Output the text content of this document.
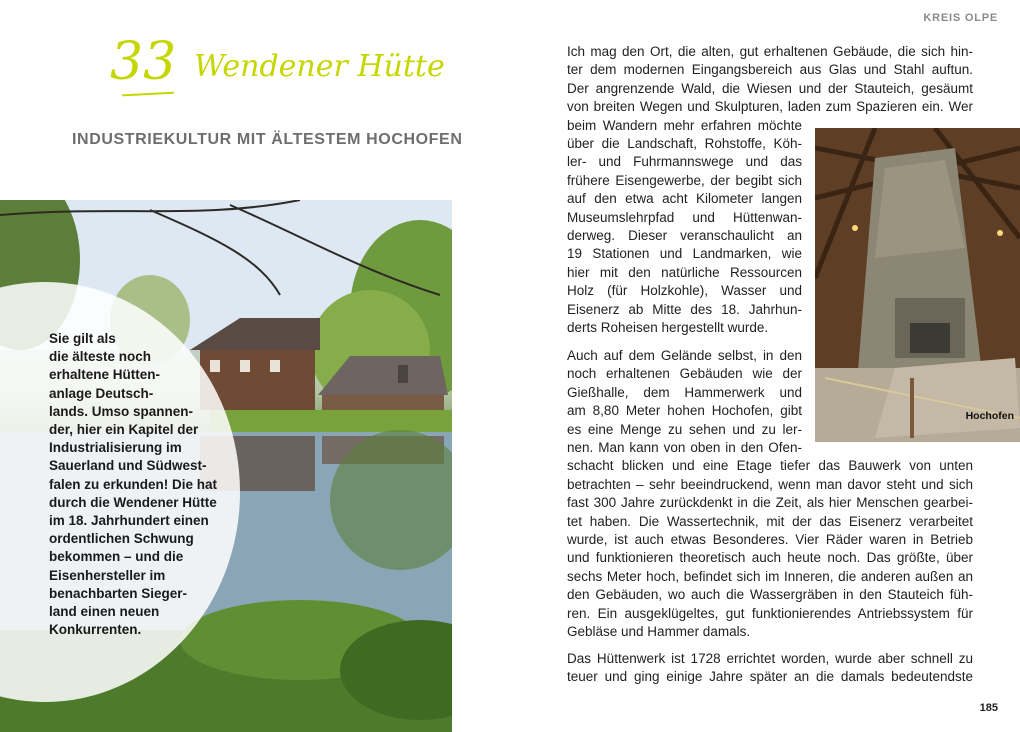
KREIS OLPE
33 Wendener Hütte
INDUSTRIEKULTUR MIT ÄLTESTEM HOCHOFEN
Sie gilt als
die älteste noch
erhaltene Hütten-
anlage Deutsch-
lands. Umso spannen-
der, hier ein Kapitel der
Industrialisierung im
Sauerland und Südwest-
falen zu erkunden! Die hat
durch die Wendener Hütte
im 18. Jahrhundert einen
ordentlichen Schwung
bekommen – und die
Eisenhersteller im
benachbarten Sieger-
land einen neuen
Konkurrenten.
Ich mag den Ort, die alten, gut erhaltenen Gebäude, die sich hin-
ter dem modernen Eingangsbereich aus Glas und Stahl auftun.
Der angrenzende Wald, die Wiesen und der Stauteich, gesäumt
von breiten Wegen und Skulpturen, laden zum Spazieren ein. Wer
beim Wandern mehr erfahren möchte
über die Landschaft, Rohstoffe, Köh-
ler- und Fuhrmannswege und das
frühere Eisengewerbe, der begibt sich
auf den etwa acht Kilometer langen
Museumslehrpfad und Hüttenwan-
derweg. Dieser veranschaulicht an
19 Stationen und Landmarken, wie
hier mit den natürliche Ressourcen
Holz (für Holzkohle), Wasser und
Eisenerz ab Mitte des 18. Jahrhun-
derts Roheisen hergestellt wurde.
Auch auf dem Gelände selbst, in den
noch erhaltenen Gebäuden wie der
Gießhalle, dem Hammerwerk und
am 8,80 Meter hohen Hochofen, gibt
es eine Menge zu sehen und zu ler-
nen. Man kann von oben in den Ofen-
schacht blicken und eine Etage tiefer das Bauwerk von unten
betrachten – sehr beeindruckend, wenn man davor steht und sich
fast 300 Jahre zurückdenkt in die Zeit, als hier Menschen gearbei-
tet haben. Die Wassertechnik, mit der das Eisenerz verarbeitet
wurde, ist auch etwas Besonderes. Vier Räder waren in Betrieb
und funktionieren theoretisch auch heute noch. Das größte, über
sechs Meter hoch, befindet sich im Inneren, die anderen außen an
den Gebäuden, wo auch die Wassergräben in den Stauteich füh-
ren. Ein ausgeklügeltes, gut funktionierendes Antriebssystem für
Gebläse und Hammer damals.
Das Hüttenwerk ist 1728 errichtet worden, wurde aber schnell zu
teuer und ging einige Jahre später an die damals bedeutendste
Hochofen
185
